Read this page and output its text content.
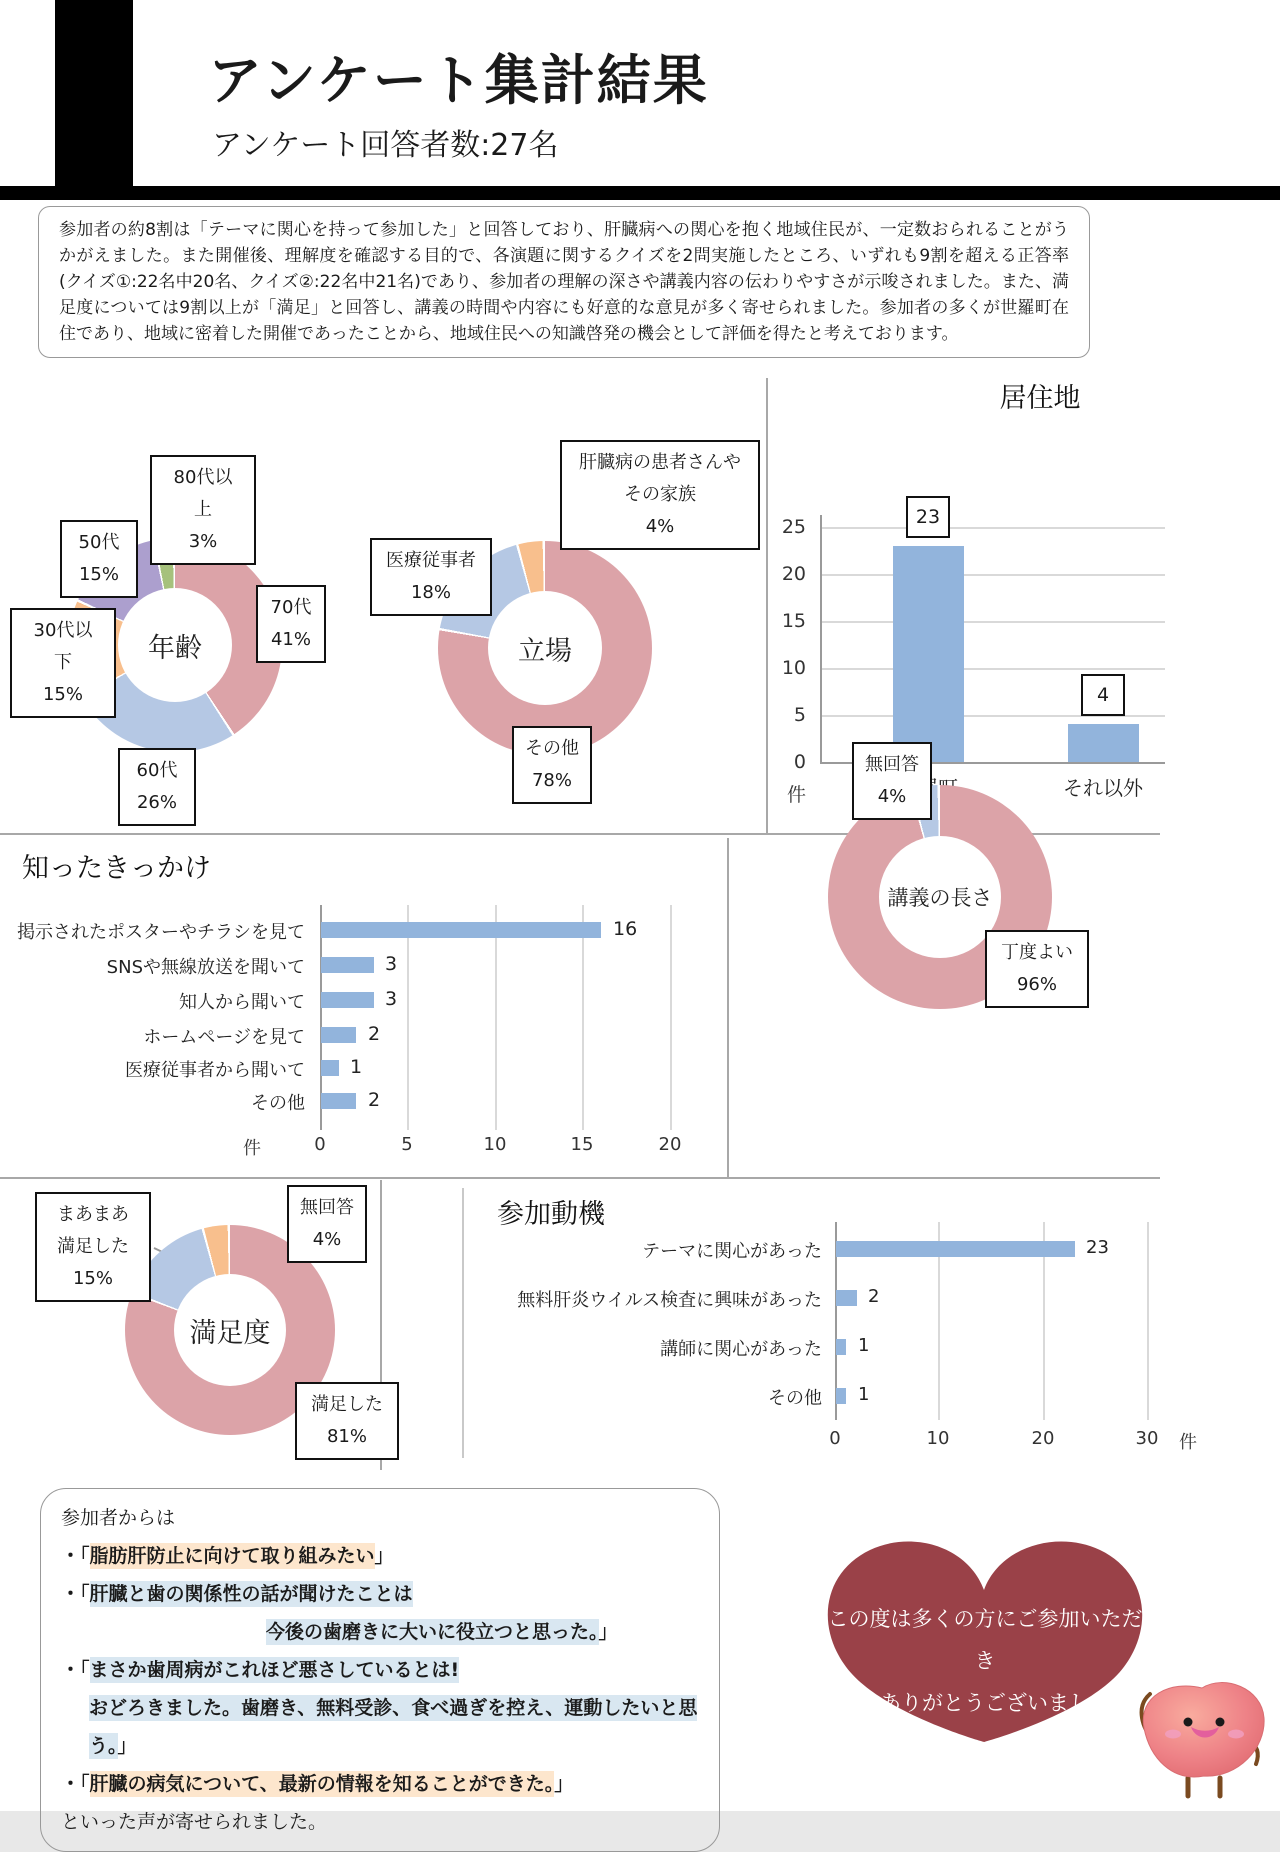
アンケート集計結果
アンケート回答者数:27名
参加者の約8割は「テーマに関心を持って参加した」と回答しており、肝臓病への関心を抱く地域住民が、一定数おられることがうかがえました。また開催後、理解度を確認する目的で、各演題に関するクイズを2問実施したところ、いずれも9割を超える正答率(クイズ①:22名中20名、クイズ②:22名中21名)であり、参加者の理解の深さや講義内容の伝わりやすさが示唆されました。また、満足度については9割以上が「満足」と回答し、講義の時間や内容にも好意的な意見が多く寄せられました。参加者の多くが世羅町在住であり、地域に密着した開催であったことから、地域住民への知識啓発の機会として評価を得たと考えております。
年齢
80代以上
3%
50代
15%
30代以下
15%
70代
41%
60代
26%
立場
肝臓病の患者さんやその家族
4%
医療従事者
18%
その他
78%
居住地
25
20
15
10
5
0
件
23
4
それ以外
知ったきっかけ
掲示されたポスターやチラシを見て
SNSや無線放送を聞いて
知人から聞いて
ホームページを見て
医療従事者から聞いて
その他
16
3
3
2
1
2
0	5	10	15	20
件
講義の長さ
無回答
4%
丁度よい
96%
満足度
まあまあ満足した
15%
無回答
4%
満足した
81%
参加動機
テーマに関心があった
無料肝炎ウイルス検査に興味があった
講師に関心があった
その他
23
2
1
1
0	10	20	30	件
参加者からは
・「脂肪肝防止に向けて取り組みたい」
・「肝臓と歯の関係性の話が聞けたことは
今後の歯磨きに大いに役立つと思った。」
・「まさか歯周病がこれほど悪さしているとは!
おどろきました。歯磨き、無料受診、食べ過ぎを控え、運動したいと思う。」
・「肝臓の病気について、最新の情報を知ることができた。」
といった声が寄せられました。
この度は多くの方にご参加いただき
誠にありがとうございました。
